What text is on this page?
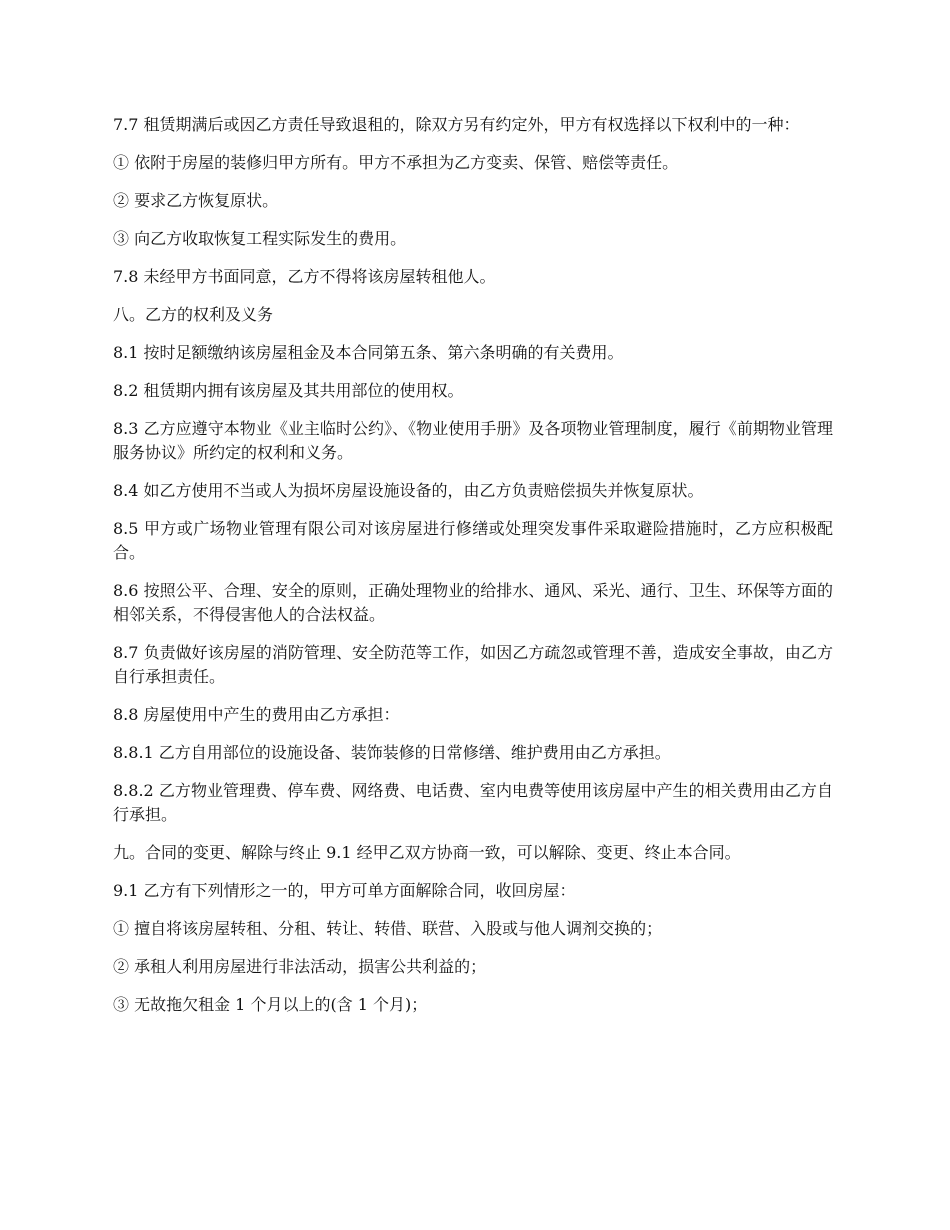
7.7 租赁期满后或因乙方责任导致退租的，除双方另有约定外，甲方有权选择以下权利中的一种：

① 依附于房屋的装修归甲方所有。甲方不承担为乙方变卖、保管、赔偿等责任。

② 要求乙方恢复原状。

③ 向乙方收取恢复工程实际发生的费用。

7.8 未经甲方书面同意，乙方不得将该房屋转租他人。

八。乙方的权利及义务

8.1 按时足额缴纳该房屋租金及本合同第五条、第六条明确的有关费用。

8.2 租赁期内拥有该房屋及其共用部位的使用权。

8.3 乙方应遵守本物业《业主临时公约》、《物业使用手册》及各项物业管理制度，履行《前期物业管理服务协议》所约定的权利和义务。

8.4 如乙方使用不当或人为损坏房屋设施设备的，由乙方负责赔偿损失并恢复原状。

8.5 甲方或广场物业管理有限公司对该房屋进行修缮或处理突发事件采取避险措施时，乙方应积极配合。

8.6 按照公平、合理、安全的原则，正确处理物业的给排水、通风、采光、通行、卫生、环保等方面的相邻关系，不得侵害他人的合法权益。

8.7 负责做好该房屋的消防管理、安全防范等工作，如因乙方疏忽或管理不善，造成安全事故，由乙方自行承担责任。

8.8 房屋使用中产生的费用由乙方承担：

8.8.1 乙方自用部位的设施设备、装饰装修的日常修缮、维护费用由乙方承担。

8.8.2 乙方物业管理费、停车费、网络费、电话费、室内电费等使用该房屋中产生的相关费用由乙方自行承担。

九。合同的变更、解除与终止 9.1 经甲乙双方协商一致，可以解除、变更、终止本合同。

9.1 乙方有下列情形之一的，甲方可单方面解除合同，收回房屋：

① 擅自将该房屋转租、分租、转让、转借、联营、入股或与他人调剂交换的；

② 承租人利用房屋进行非法活动，损害公共利益的；

③ 无故拖欠租金 1 个月以上的(含 1 个月)；
